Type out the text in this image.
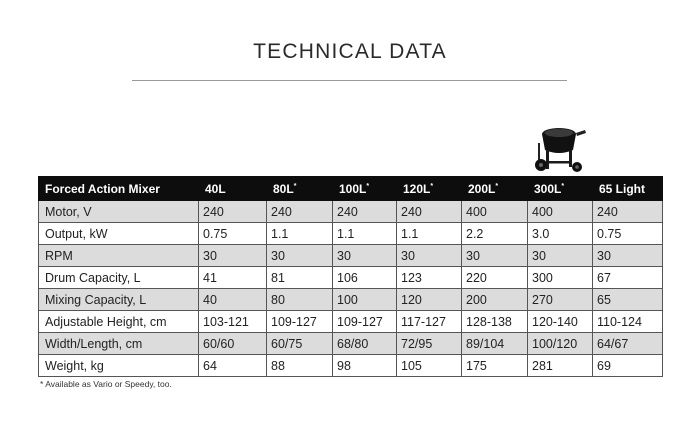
TECHNICAL DATA
Forced Action Mixer	40L	80L*	100L*	120L*	200L*	300L*	65 Light
Motor, V	240	240	240	240	400	400	240
Output, kW	0.75	1.1	1.1	1.1	2.2	3.0	0.75
RPM	30	30	30	30	30	30	30
Drum Capacity, L	41	81	106	123	220	300	67
Mixing Capacity, L	40	80	100	120	200	270	65
Adjustable Height, cm	103-121	109-127	109-127	117-127	128-138	120-140	110-124
Width/Length, cm	60/60	60/75	68/80	72/95	89/104	100/120	64/67
Weight, kg	64	88	98	105	175	281	69
* Available as Vario or Speedy, too.
